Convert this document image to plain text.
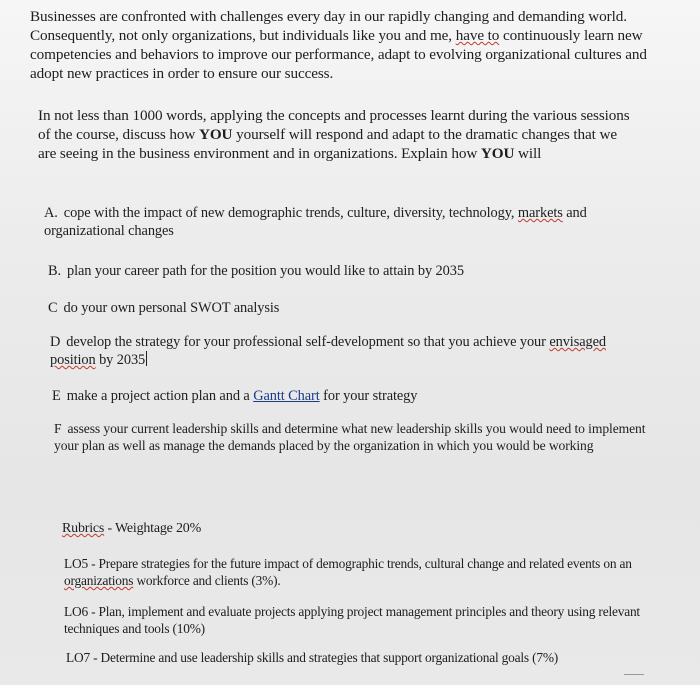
Businesses are confronted with challenges every day in our rapidly changing and demanding world. Consequently, not only organizations, but individuals like you and me, have to continuously learn new competencies and behaviors to improve our performance, adapt to evolving organizational cultures and adopt new practices in order to ensure our success.

In not less than 1000 words, applying the concepts and processes learnt during the various sessions of the course, discuss how YOU yourself will respond and adapt to the dramatic changes that we are seeing in the business environment and in organizations. Explain how YOU will

A. cope with the impact of new demographic trends, culture, diversity, technology, markets and organizational changes

B. plan your career path for the position you would like to attain by 2035

C do your own personal SWOT analysis

D develop the strategy for your professional self-development so that you achieve your envisaged position by 2035

E make a project action plan and a Gantt Chart for your strategy

F assess your current leadership skills and determine what new leadership skills you would need to implement your plan as well as manage the demands placed by the organization in which you would be working

Rubrics - Weightage 20%

LO5 - Prepare strategies for the future impact of demographic trends, cultural change and related events on an organizations workforce and clients (3%).

LO6 - Plan, implement and evaluate projects applying project management principles and theory using relevant techniques and tools (10%)

LO7 - Determine and use leadership skills and strategies that support organizational goals (7%)
